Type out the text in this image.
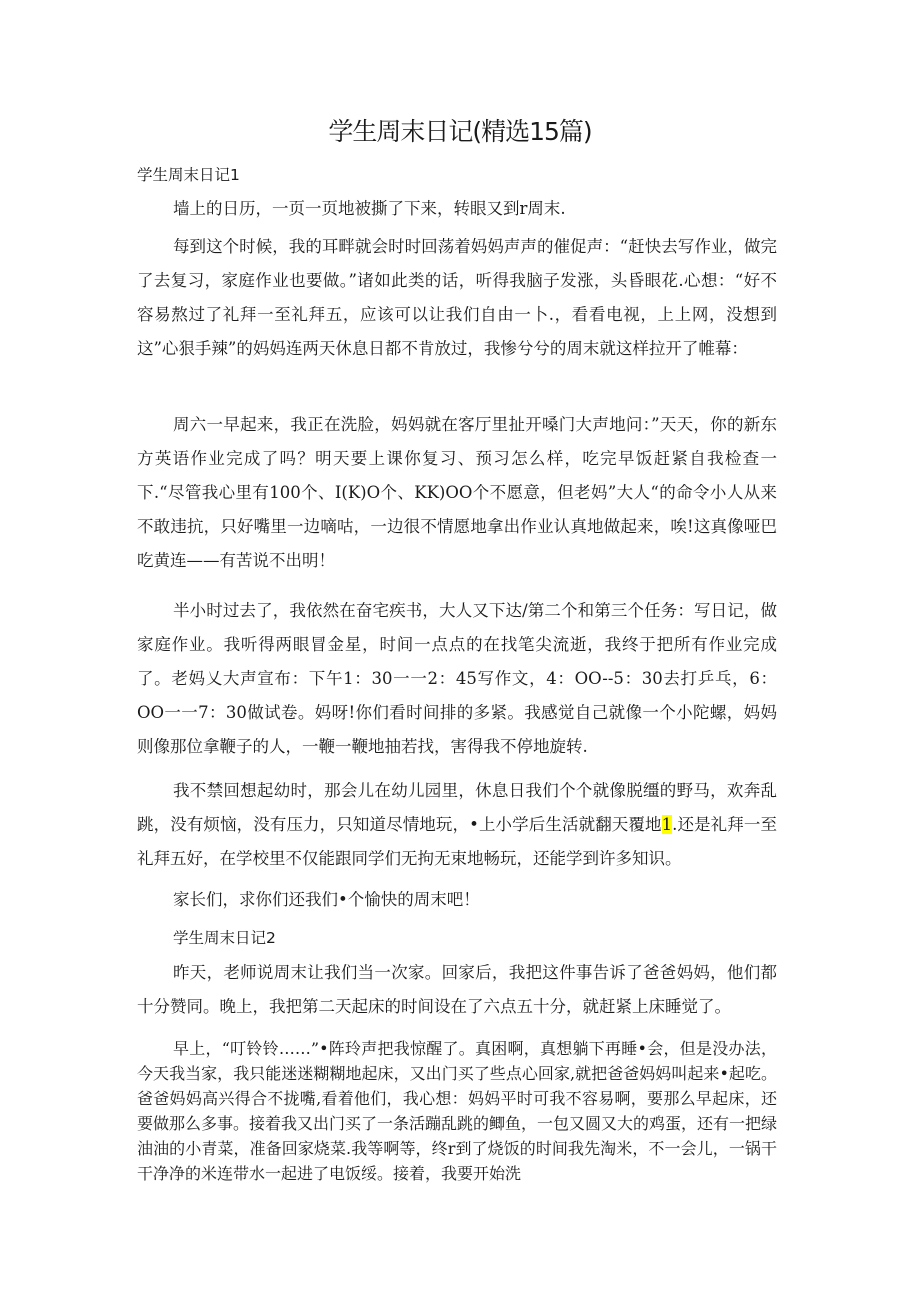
学生周末日记(精选15篇)
学生周末日记1

墙上的日历，一页一页地被撕了下来，转眼又到r周末.

每到这个时候，我的耳畔就会时时回荡着妈妈声声的催促声：“赶快去写作业，做完了去复习，家庭作业也要做。”诸如此类的话，听得我脑子发涨，头昏眼花.心想：“好不容易熬过了礼拜一至礼拜五，应该可以让我们自由一卜.，看看电视，上上网，没想到这”心狠手辣”的妈妈连两天休息日都不肯放过，我惨兮兮的周末就这样拉开了帷幕：

周六一早起来，我正在洗脸，妈妈就在客厅里扯开嗓门大声地问：”天天，你的新东方英语作业完成了吗？明天要上课你复习、预习怎么样，吃完早饭赶紧自我检查一下.“尽管我心里有100个、I(K)O个、KK)OO个不愿意，但老妈”大人“的命令小人从来不敢违抗，只好嘴里一边嘀咕，一边很不情愿地拿出作业认真地做起来，唉!这真像哑巴吃黄连——有苦说不出明！

半小时过去了，我依然在奋宅疾书，大人又下达/第二个和第三个任务：写日记，做家庭作业。我听得两眼冒金星，时间一点点的在找笔尖流逝，我终于把所有作业完成了。老妈乂大声宣布：下午1：30一一2：45写作文，4：OO--5：30去打乒乓，6：OO一一7：30做试卷。妈呀!你们看时间排的多紧。我感觉自己就像一个小陀螺，妈妈则像那位拿鞭子的人，一鞭一鞭地抽若找，害得我不停地旋转.

我不禁回想起幼时，那会儿在幼儿园里，休息日我们个个就像脱缰的野马，欢奔乱跳，没有烦恼，没有压力，只知道尽情地玩，•上小学后生活就翻天覆地1.还是礼拜一至礼拜五好，在学校里不仅能跟同学们无拘无束地畅玩，还能学到许多知识。

家长们，求你们还我们•个愉快的周末吧！

学生周末日记2

昨天，老师说周末让我们当一次家。回家后，我把这件事告诉了爸爸妈妈，他们都十分赞同。晚上，我把第二天起床的时间设在了六点五十分，就赶紧上床睡觉了。

早上，“叮铃铃……”•阵玲声把我惊醒了。真困啊，真想躺下再睡•会，但是没办法，今天我当家，我只能迷迷糊糊地起床，又出门买了些点心回家,就把爸爸妈妈叫起来•起吃。爸爸妈妈高兴得合不拢嘴,看着他们，我心想：妈妈平时可我不容易啊，要那么早起床，还要做那么多事。接着我又出门买了一条活蹦乱跳的鲫鱼，一包又圆又大的鸡蛋，还有一把绿油油的小青菜，准备回家烧菜.我等啊等，终r到了烧饭的时间我先淘米，不一会儿，一锅干干净净的米连带水一起进了电饭绥。接着，我要开始洗
